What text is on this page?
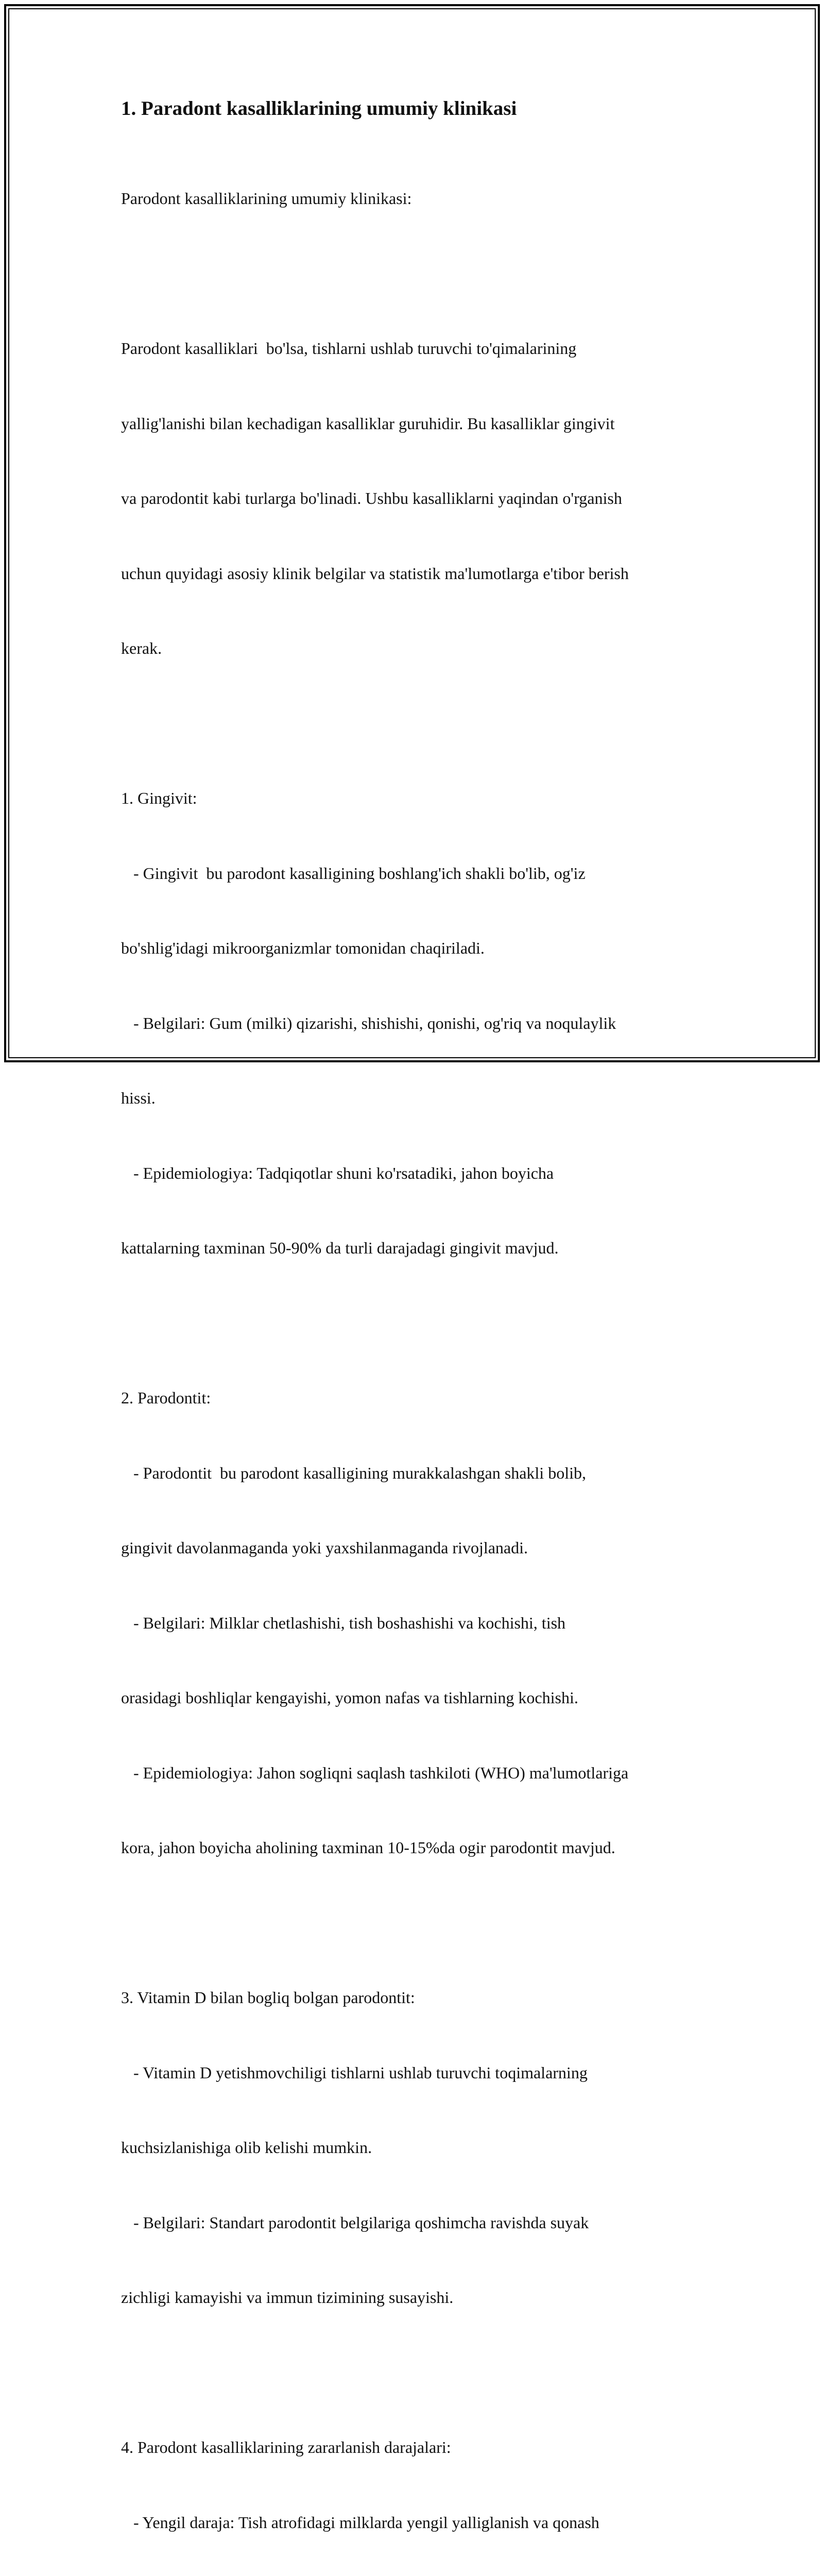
1. Paradont kasalliklarining umumiy klinikasi

Parodont kasalliklarining umumiy klinikasi:

Parodont kasalliklari  bo'lsa, tishlarni ushlab turuvchi to'qimalarining

yallig'lanishi bilan kechadigan kasalliklar guruhidir. Bu kasalliklar gingivit

va parodontit kabi turlarga bo'linadi. Ushbu kasalliklarni yaqindan o'rganish

uchun quyidagi asosiy klinik belgilar va statistik ma'lumotlarga e'tibor berish

kerak.

1. Gingivit:

- Gingivit  bu parodont kasalligining boshlang'ich shakli bo'lib, og'iz

bo'shlig'idagi mikroorganizmlar tomonidan chaqiriladi.

- Belgilari: Gum (milki) qizarishi, shishishi, qonishi, og'riq va noqulaylik

hissi.

- Epidemiologiya: Tadqiqotlar shuni ko'rsatadiki, jahon boyicha

kattalarning taxminan 50-90% da turli darajadagi gingivit mavjud.

2. Parodontit:

- Parodontit  bu parodont kasalligining murakkalashgan shakli bolib,

gingivit davolanmaganda yoki yaxshilanmaganda rivojlanadi.

- Belgilari: Milklar chetlashishi, tish boshashishi va kochishi, tish

orasidagi boshliqlar kengayishi, yomon nafas va tishlarning kochishi.

- Epidemiologiya: Jahon sogliqni saqlash tashkiloti (WHO) ma'lumotlariga

kora, jahon boyicha aholining taxminan 10-15%da ogir parodontit mavjud.

3. Vitamin D bilan bogliq bolgan parodontit:

- Vitamin D yetishmovchiligi tishlarni ushlab turuvchi toqimalarning

kuchsizlanishiga olib kelishi mumkin.

- Belgilari: Standart parodontit belgilariga qoshimcha ravishda suyak

zichligi kamayishi va immun tizimining susayishi.

4. Parodont kasalliklarining zararlanish darajalari:

- Yengil daraja: Tish atrofidagi milklarda yengil yalliglanish va qonash
